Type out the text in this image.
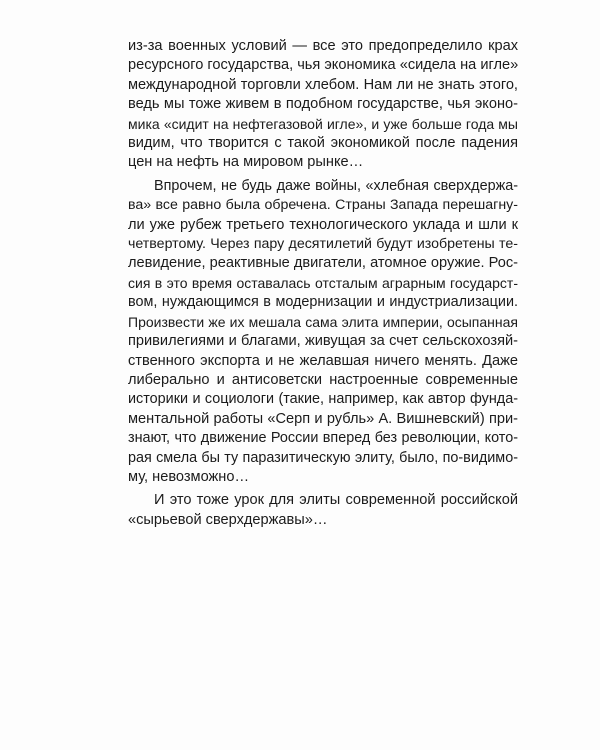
из-за военных условий — все это предопределило крах
ресурсного государства, чья экономика «сидела на игле»
международной торговли хлебом. Нам ли не знать этого,
ведь мы тоже живем в подобном государстве, чья эконо-
мика «сидит на нефтегазовой игле», и уже больше года мы
видим, что творится с такой экономикой после падения
цен на нефть на мировом рынке…

Впрочем, не будь даже войны, «хлебная сверхдержа-
ва» все равно была обречена. Страны Запада перешагну-
ли уже рубеж третьего технологического уклада и шли к
четвертому. Через пару десятилетий будут изобретены те-
левидение, реактивные двигатели, атомное оружие. Рос-
сия в это время оставалась отсталым аграрным государст-
вом, нуждающимся в модернизации и индустриализации.
Произвести же их мешала сама элита империи, осыпанная
привилегиями и благами, живущая за счет сельскохозяй-
ственного экспорта и не желавшая ничего менять. Даже
либерально и антисоветски настроенные современные
историки и социологи (такие, например, как автор фунда-
ментальной работы «Серп и рубль» А. Вишневский) при-
знают, что движение России вперед без революции, кото-
рая смела бы ту паразитическую элиту, было, по-видимо-
му, невозможно…

И это тоже урок для элиты современной российской
«сырьевой сверхдержавы»…
